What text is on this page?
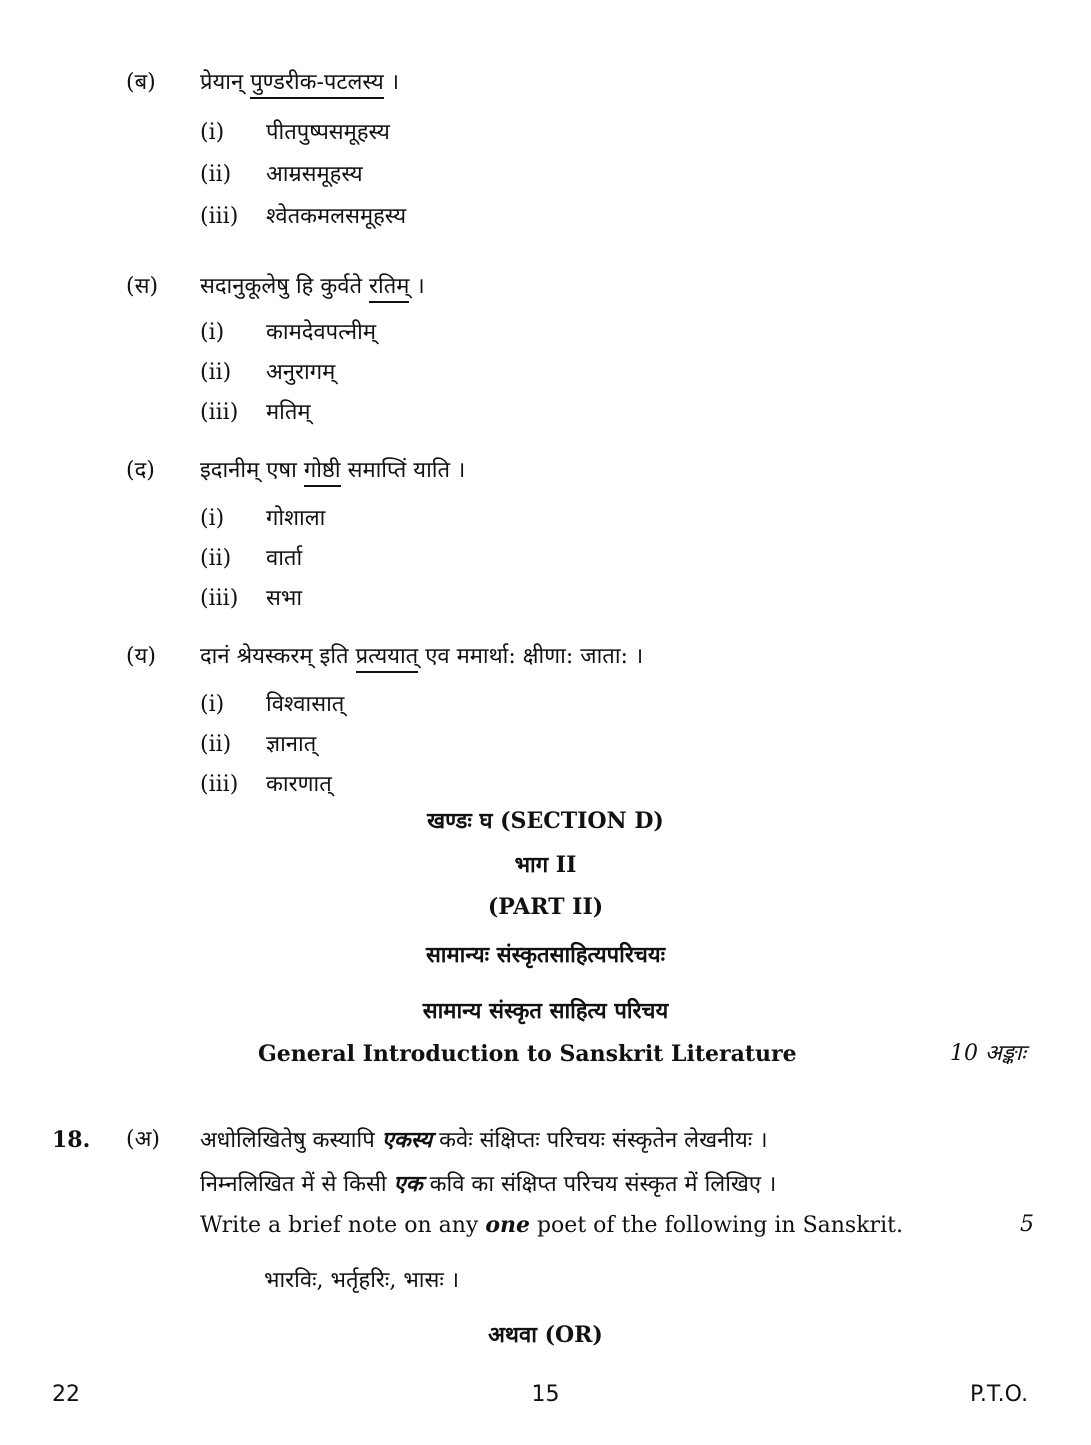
(ब) प्रेयान् पुण्डरीक-पटलस्य ।
(i) पीतपुष्पसमूहस्य
(ii) आम्रसमूहस्य
(iii) श्वेतकमलसमूहस्य
(स) सदानुकूलेषु हि कुर्वते रतिम् ।
(i) कामदेवपत्नीम्
(ii) अनुरागम्
(iii) मतिम्
(द) इदानीम् एषा गोष्ठी समाप्तिं याति ।
(i) गोशाला
(ii) वार्ता
(iii) सभा
(य) दानं श्रेयस्करम् इति प्रत्ययात् एव ममार्था: क्षीणा: जाता: ।
(i) विश्वासात्
(ii) ज्ञानात्
(iii) कारणात्
खण्डः घ (SECTION D)
भाग II
(PART II)
सामान्यः संस्कृतसाहित्यपरिचयः
सामान्य संस्कृत साहित्य परिचय
General Introduction to Sanskrit Literature	10 अङ्काः
18. (अ) अधोलिखितेषु कस्यापि एकस्य कवेः संक्षिप्तः परिचयः संस्कृतेन लेखनीयः ।
निम्नलिखित में से किसी एक कवि का संक्षिप्त परिचय संस्कृत में लिखिए ।
Write a brief note on any one poet of the following in Sanskrit.	5
भारविः, भर्तृहरिः, भासः ।
अथवा (OR)
22	15	P.T.O.
